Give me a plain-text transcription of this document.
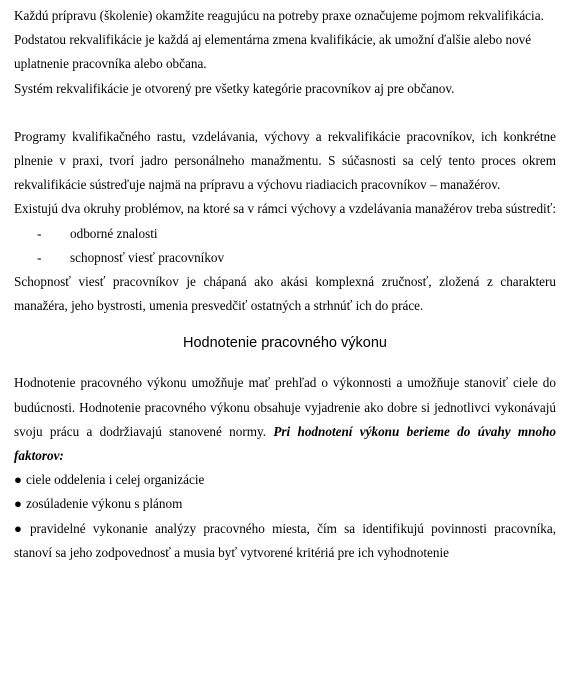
Každú prípravu (školenie) okamžite reagujúcu na potreby praxe označujeme pojmom rekvalifikácia.

Podstatou rekvalifikácie je každá aj elementárna zmena kvalifikácie, ak umožní ďalšie alebo nové uplatnenie pracovníka alebo občana.

Systém rekvalifikácie je otvorený pre všetky kategórie pracovníkov aj pre občanov.

Programy kvalifikačného rastu, vzdelávania, výchovy a rekvalifikácie pracovníkov, ich konkrétne plnenie v praxi, tvorí jadro personálneho manažmentu. S súčasnosti sa celý tento proces okrem rekvalifikácie sústreďuje najmä na prípravu a výchovu riadiacich pracovníkov – manažérov.

Existujú dva okruhy problémov, na ktoré sa v rámci výchovy a vzdelávania manažérov treba sústrediť:

-	odborné znalosti
-	schopnosť viesť pracovníkov

Schopnosť viesť pracovníkov je chápaná ako akási komplexná zručnosť, zložená z charakteru manažéra, jeho bystrosti, umenia presvedčiť ostatných a strhnúť ich do práce.

Hodnotenie pracovného výkonu

Hodnotenie pracovného výkonu umožňuje mať prehľad o výkonnosti a umožňuje stanoviť ciele do budúcnosti. Hodnotenie pracovného výkonu obsahuje vyjadrenie ako dobre si jednotlivci vykonávajú svoju prácu a dodržiavajú stanovené normy. Pri hodnotení výkonu berieme do úvahy mnoho faktorov:

● ciele oddelenia i celej organizácie

● zosúladenie výkonu s plánom

● pravidelné vykonanie analýzy pracovného miesta, čím sa identifikujú povinnosti pracovníka, stanoví sa jeho zodpovednosť a musia byť vytvorené kritériá pre ich vyhodnotenie
